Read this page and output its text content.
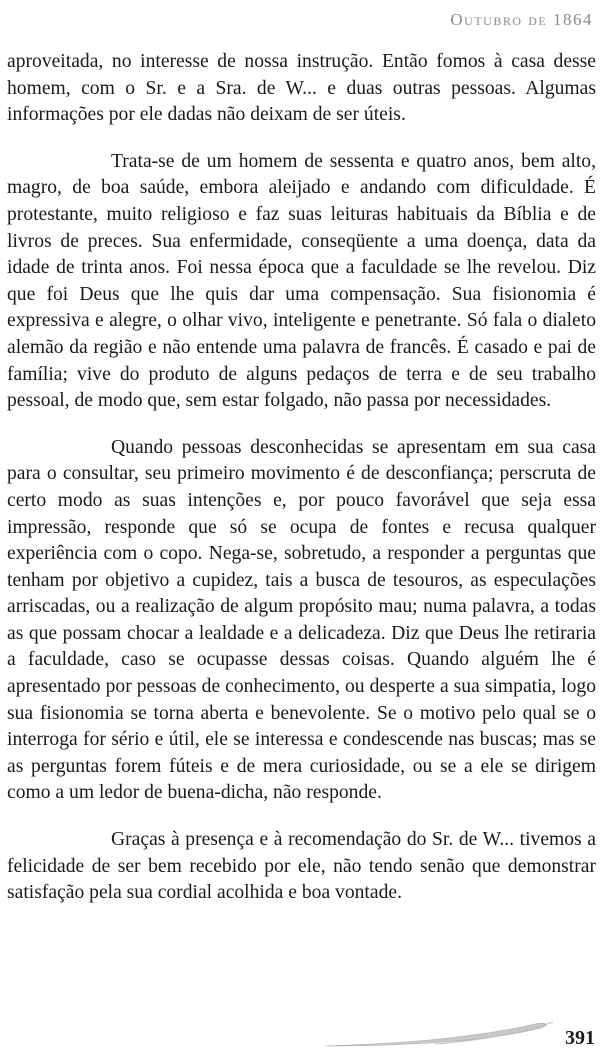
Outubro de 1864

aproveitada, no interesse de nossa instrução. Então fomos à casa desse homem, com o Sr. e a Sra. de W... e duas outras pessoas. Algumas informações por ele dadas não deixam de ser úteis.

Trata-se de um homem de sessenta e quatro anos, bem alto, magro, de boa saúde, embora aleijado e andando com dificuldade. É protestante, muito religioso e faz suas leituras habituais da Bíblia e de livros de preces. Sua enfermidade, conseqüente a uma doença, data da idade de trinta anos. Foi nessa época que a faculdade se lhe revelou. Diz que foi Deus que lhe quis dar uma compensação. Sua fisionomia é expressiva e alegre, o olhar vivo, inteligente e penetrante. Só fala o dialeto alemão da região e não entende uma palavra de francês. É casado e pai de família; vive do produto de alguns pedaços de terra e de seu trabalho pessoal, de modo que, sem estar folgado, não passa por necessidades.

Quando pessoas desconhecidas se apresentam em sua casa para o consultar, seu primeiro movimento é de desconfiança; perscruta de certo modo as suas intenções e, por pouco favorável que seja essa impressão, responde que só se ocupa de fontes e recusa qualquer experiência com o copo. Nega-se, sobretudo, a responder a perguntas que tenham por objetivo a cupidez, tais a busca de tesouros, as especulações arriscadas, ou a realização de algum propósito mau; numa palavra, a todas as que possam chocar a lealdade e a delicadeza. Diz que Deus lhe retiraria a faculdade, caso se ocupasse dessas coisas. Quando alguém lhe é apresentado por pessoas de conhecimento, ou desperte a sua simpatia, logo sua fisionomia se torna aberta e benevolente. Se o motivo pelo qual se o interroga for sério e útil, ele se interessa e condescende nas buscas; mas se as perguntas forem fúteis e de mera curiosidade, ou se a ele se dirigem como a um ledor de buena-dicha, não responde.

Graças à presença e à recomendação do Sr. de W... tivemos a felicidade de ser bem recebido por ele, não tendo senão que demonstrar satisfação pela sua cordial acolhida e boa vontade.

391
